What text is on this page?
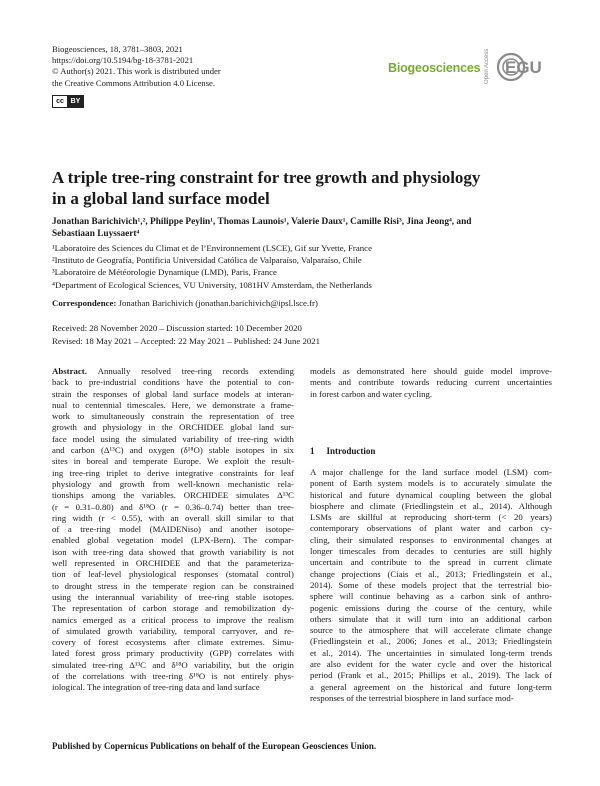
Biogeosciences, 18, 3781–3803, 2021
https://doi.org/10.5194/bg-18-3781-2021
© Author(s) 2021. This work is distributed under
the Creative Commons Attribution 4.0 License.
cc BY
Biogeosciences Open Access EGU
A triple tree-ring constraint for tree growth and physiology
in a global land surface model
Jonathan Barichivich¹,², Philippe Peylin¹, Thomas Launois¹, Valerie Daux¹, Camille Risi³, Jina Jeong⁴, and
Sebastiaan Luyssaert⁴
¹Laboratoire des Sciences du Climat et de l’Environnement (LSCE), Gif sur Yvette, France
²Instituto de Geografía, Pontificia Universidad Católica de Valparaíso, Valparaíso, Chile
³Laboratoire de Météorologie Dynamique (LMD), Paris, France
⁴Department of Ecological Sciences, VU University, 1081HV Amsterdam, the Netherlands
Correspondence: Jonathan Barichivich (jonathan.barichivich@ipsl.lsce.fr)
Received: 28 November 2020 – Discussion started: 10 December 2020
Revised: 18 May 2021 – Accepted: 22 May 2021 – Published: 24 June 2021
Abstract. Annually resolved tree-ring records extending
back to pre-industrial conditions have the potential to con-
strain the responses of global land surface models at interan-
nual to centennial timescales. Here, we demonstrate a frame-
work to simultaneously constrain the representation of tree
growth and physiology in the ORCHIDEE global land sur-
face model using the simulated variability of tree-ring width
and carbon (Δ¹³C) and oxygen (δ¹⁸O) stable isotopes in six
sites in boreal and temperate Europe. We exploit the result-
ing tree-ring triplet to derive integrative constraints for leaf
physiology and growth from well-known mechanistic rela-
tionships among the variables. ORCHIDEE simulates Δ¹³C
(r = 0.31–0.80) and δ¹⁸O (r = 0.36–0.74) better than tree-
ring width (r < 0.55), with an overall skill similar to that
of a tree-ring model (MAIDENiso) and another isotope-
enabled global vegetation model (LPX-Bern). The compar-
ison with tree-ring data showed that growth variability is not
well represented in ORCHIDEE and that the parameteriza-
tion of leaf-level physiological responses (stomatal control)
to drought stress in the temperate region can be constrained
using the interannual variability of tree-ring stable isotopes.
The representation of carbon storage and remobilization dy-
namics emerged as a critical process to improve the realism
of simulated growth variability, temporal carryover, and re-
covery of forest ecosystems after climate extremes. Simu-
lated forest gross primary productivity (GPP) correlates with
simulated tree-ring Δ¹³C and δ¹⁸O variability, but the origin
of the correlations with tree-ring δ¹⁸O is not entirely phys-
iological. The integration of tree-ring data and land surface
models as demonstrated here should guide model improve-
ments and contribute towards reducing current uncertainties
in forest carbon and water cycling.
1 Introduction
A major challenge for the land surface model (LSM) com-
ponent of Earth system models is to accurately simulate the
historical and future dynamical coupling between the global
biosphere and climate (Friedlingstein et al., 2014). Although
LSMs are skillful at reproducing short-term (< 20 years)
contemporary observations of plant water and carbon cy-
cling, their simulated responses to environmental changes at
longer timescales from decades to centuries are still highly
uncertain and contribute to the spread in current climate
change projections (Ciais et al., 2013; Friedlingstein et al.,
2014). Some of these models project that the terrestrial bio-
sphere will continue behaving as a carbon sink of anthro-
pogenic emissions during the course of the century, while
others simulate that it will turn into an additional carbon
source to the atmosphere that will accelerate climate change
(Friedlingstein et al., 2006; Jones et al., 2013; Friedlingstein
et al., 2014). The uncertainties in simulated long-term trends
are also evident for the water cycle and over the historical
period (Frank et al., 2015; Phillips et al., 2019). The lack of
a general agreement on the historical and future long-term
responses of the terrestrial biosphere in land surface mod-
Published by Copernicus Publications on behalf of the European Geosciences Union.
